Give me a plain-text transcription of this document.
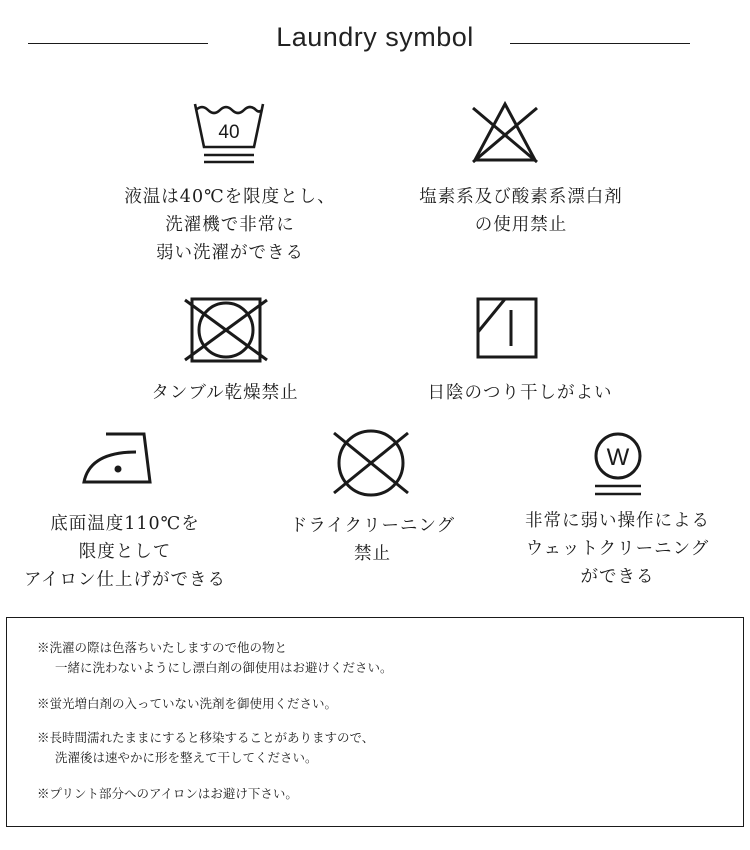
Laundry symbol
40
液温は40℃を限度とし、
洗濯機で非常に
弱い洗濯ができる
塩素系及び酸素系漂白剤
の使用禁止
タンブル乾燥禁止	日陰のつり干しがよい
底面温度110℃を
限度として
アイロン仕上げができる
ドライクリーニング
禁止
W
非常に弱い操作による
ウェットクリーニング
ができる
※洗濯の際は色落ちいたしますので他の物と
一緒に洗わないようにし漂白剤の御使用はお避けください。
※蛍光増白剤の入っていない洗剤を御使用ください。
※長時間濡れたままにすると移染することがありますので、
洗濯後は速やかに形を整えて干してください。
※プリント部分へのアイロンはお避け下さい。
